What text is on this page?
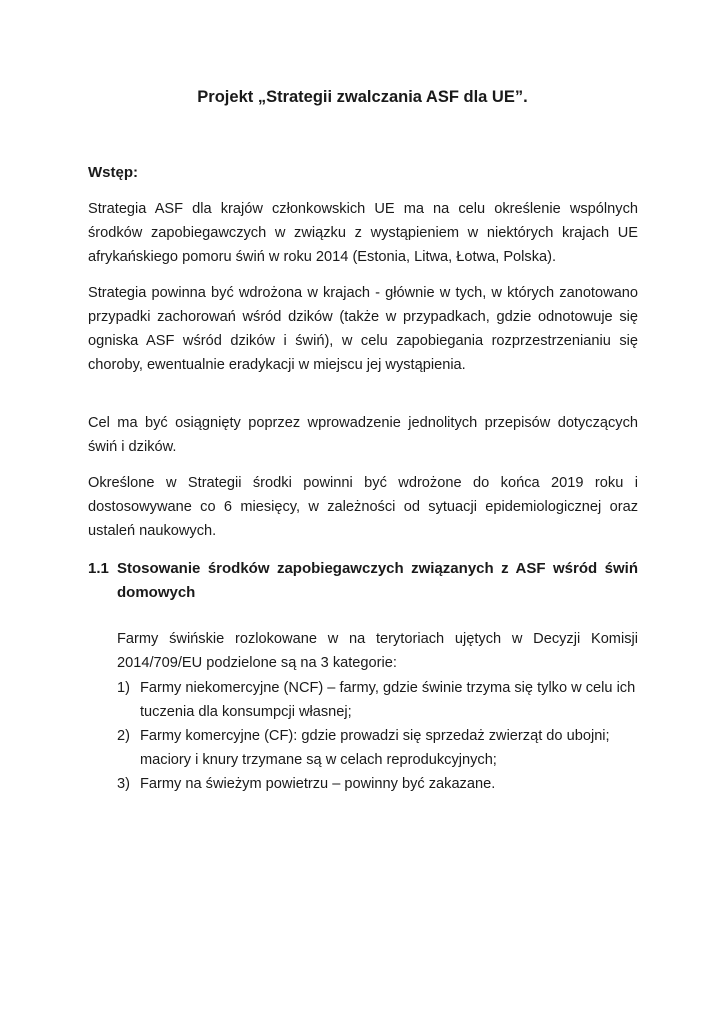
Projekt „Strategii zwalczania ASF dla UE”.
Wstęp:

Strategia ASF dla krajów członkowskich UE ma na celu określenie wspólnych środków zapobiegawczych w związku z wystąpieniem w niektórych krajach UE afrykańskiego pomoru świń w roku 2014 (Estonia, Litwa, Łotwa, Polska).

Strategia powinna być wdrożona w krajach - głównie w tych, w których zanotowano przypadki zachorowań wśród dzików (także w przypadkach, gdzie odnotowuje się ogniska ASF wśród dzików i świń), w celu zapobiegania rozprzestrzenianiu się choroby, ewentualnie eradykacji w miejscu jej wystąpienia.

Cel ma być osiągnięty poprzez wprowadzenie jednolitych przepisów dotyczących świń i dzików.

Określone w Strategii środki powinni być wdrożone do końca 2019 roku i dostosowywane co 6 miesięcy, w zależności od sytuacji epidemiologicznej oraz ustaleń naukowych.

1.1 Stosowanie środków zapobiegawczych związanych z ASF wśród świń domowych

Farmy świńskie rozlokowane w na terytoriach ujętych w Decyzji Komisji 2014/709/EU podzielone są na 3 kategorie:

1) Farmy niekomercyjne (NCF) – farmy, gdzie świnie trzyma się tylko w celu ich tuczenia dla konsumpcji własnej;
2) Farmy komercyjne (CF): gdzie prowadzi się sprzedaż zwierząt do ubojni; maciory i knury trzymane są w celach reprodukcyjnych;
3) Farmy na świeżym powietrzu – powinny być zakazane.
